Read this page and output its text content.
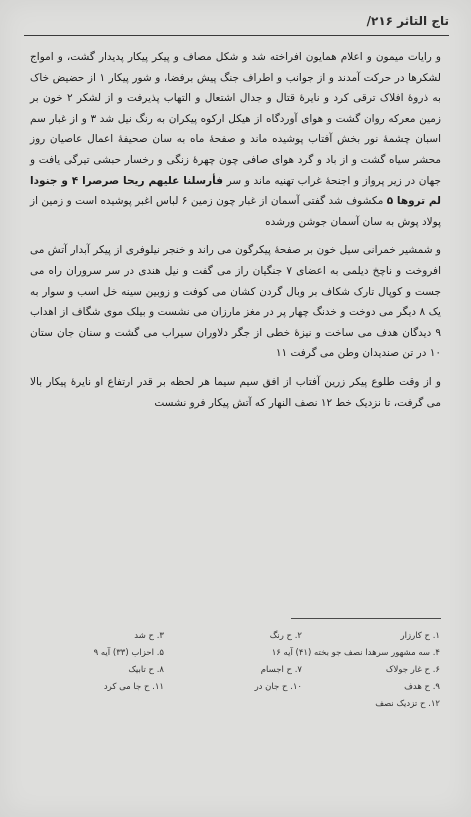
تاج التاثر ۲۱۶/

و رایات میمون و اعلام همایون افراخته شد و شکل مصاف و پیکر پیکار پدیدار گشت، و امواج لشکرها در حرکت آمدند و از جوانب و اطراف جنگ پیش برفضا، و شور پیکار ۱ از حضیض خاک به ذروهٔ افلاک ترقی کرد و نایرهٔ قتال و جدال اشتعال و التهاب پذیرفت و از لشکر ۲ خون بر زمین معرکه روان گشت و هوای آوردگاه از هیکل ارکوه پیکران به رنگ نیل شد ۳ و از غبار سم اسبان چشمهٔ نور بخش آفتاب پوشیده ماند و صفحهٔ ماه به سان صحیفهٔ اعمال عاصیان روز محشر سیاه گشت و از باد و گرد هوای صافی چون چهرهٔ زنگی و رخسار حبشی تیرگی یافت و جهان در زیر پرواز و اجنحهٔ غراب تهنیه ماند و سر فأرسلنا عليهم ريحا صرصرا ۴ و جنودا لم تروها ۵ مکشوف شد گفتی آسمان از غبار چون زمین ۶ لباس اغبر پوشیده است و زمین از پولاد پوش به سان آسمان جوشن ورشده

و شمشیر خمرانی سیل خون بر صفحهٔ پیکرگون می راند و خنجر نیلوفری از پیکر آبدار آتش می افروخت و ناچخ دیلمی به اعضای ۷ جنگیان راز می گفت و نیل هندی در سر سروران راه می جست و کوپال تارک شکاف بر وبال گردن کشان می کوفت و زوبین سینه خل اسب و سوار به یک ۸ دیگر می دوخت و خدنگ چهار پر در مغز مارزان می نشست و بیلک موی شگاف از اهداب ۹ دیدگان هدف می ساخت و نیزهٔ خطی از جگر دلاوران سیراب می گشت و سنان جان ستان ۱۰ در تن صندیدان وطن می گرفت ۱۱

و از وقت طلوع پیکر زرین آفتاب از افق سیم سیما هر لحظه بر قدر ارتفاع او نایرهٔ پیکار بالا می گرفت، تا نزدیک خط ۱۲ نصف النهار که آتش پیکار فرو نشست

۱. ح کارزار
۲. ح رنگ
۳. ح شد
۴. سه مشهور سرهدا نصف جو بخته (۴۱) آیه ۱۶
۵. احزاب (۳۳) آیه ۹
۶. ح غار جولاک
۷. ح اجسام
۸. ح تابیک
۹. ح هدف
۱۰. ح جان در
۱۱. ح جا می کرد
۱۲. ح تزدیک نصف
